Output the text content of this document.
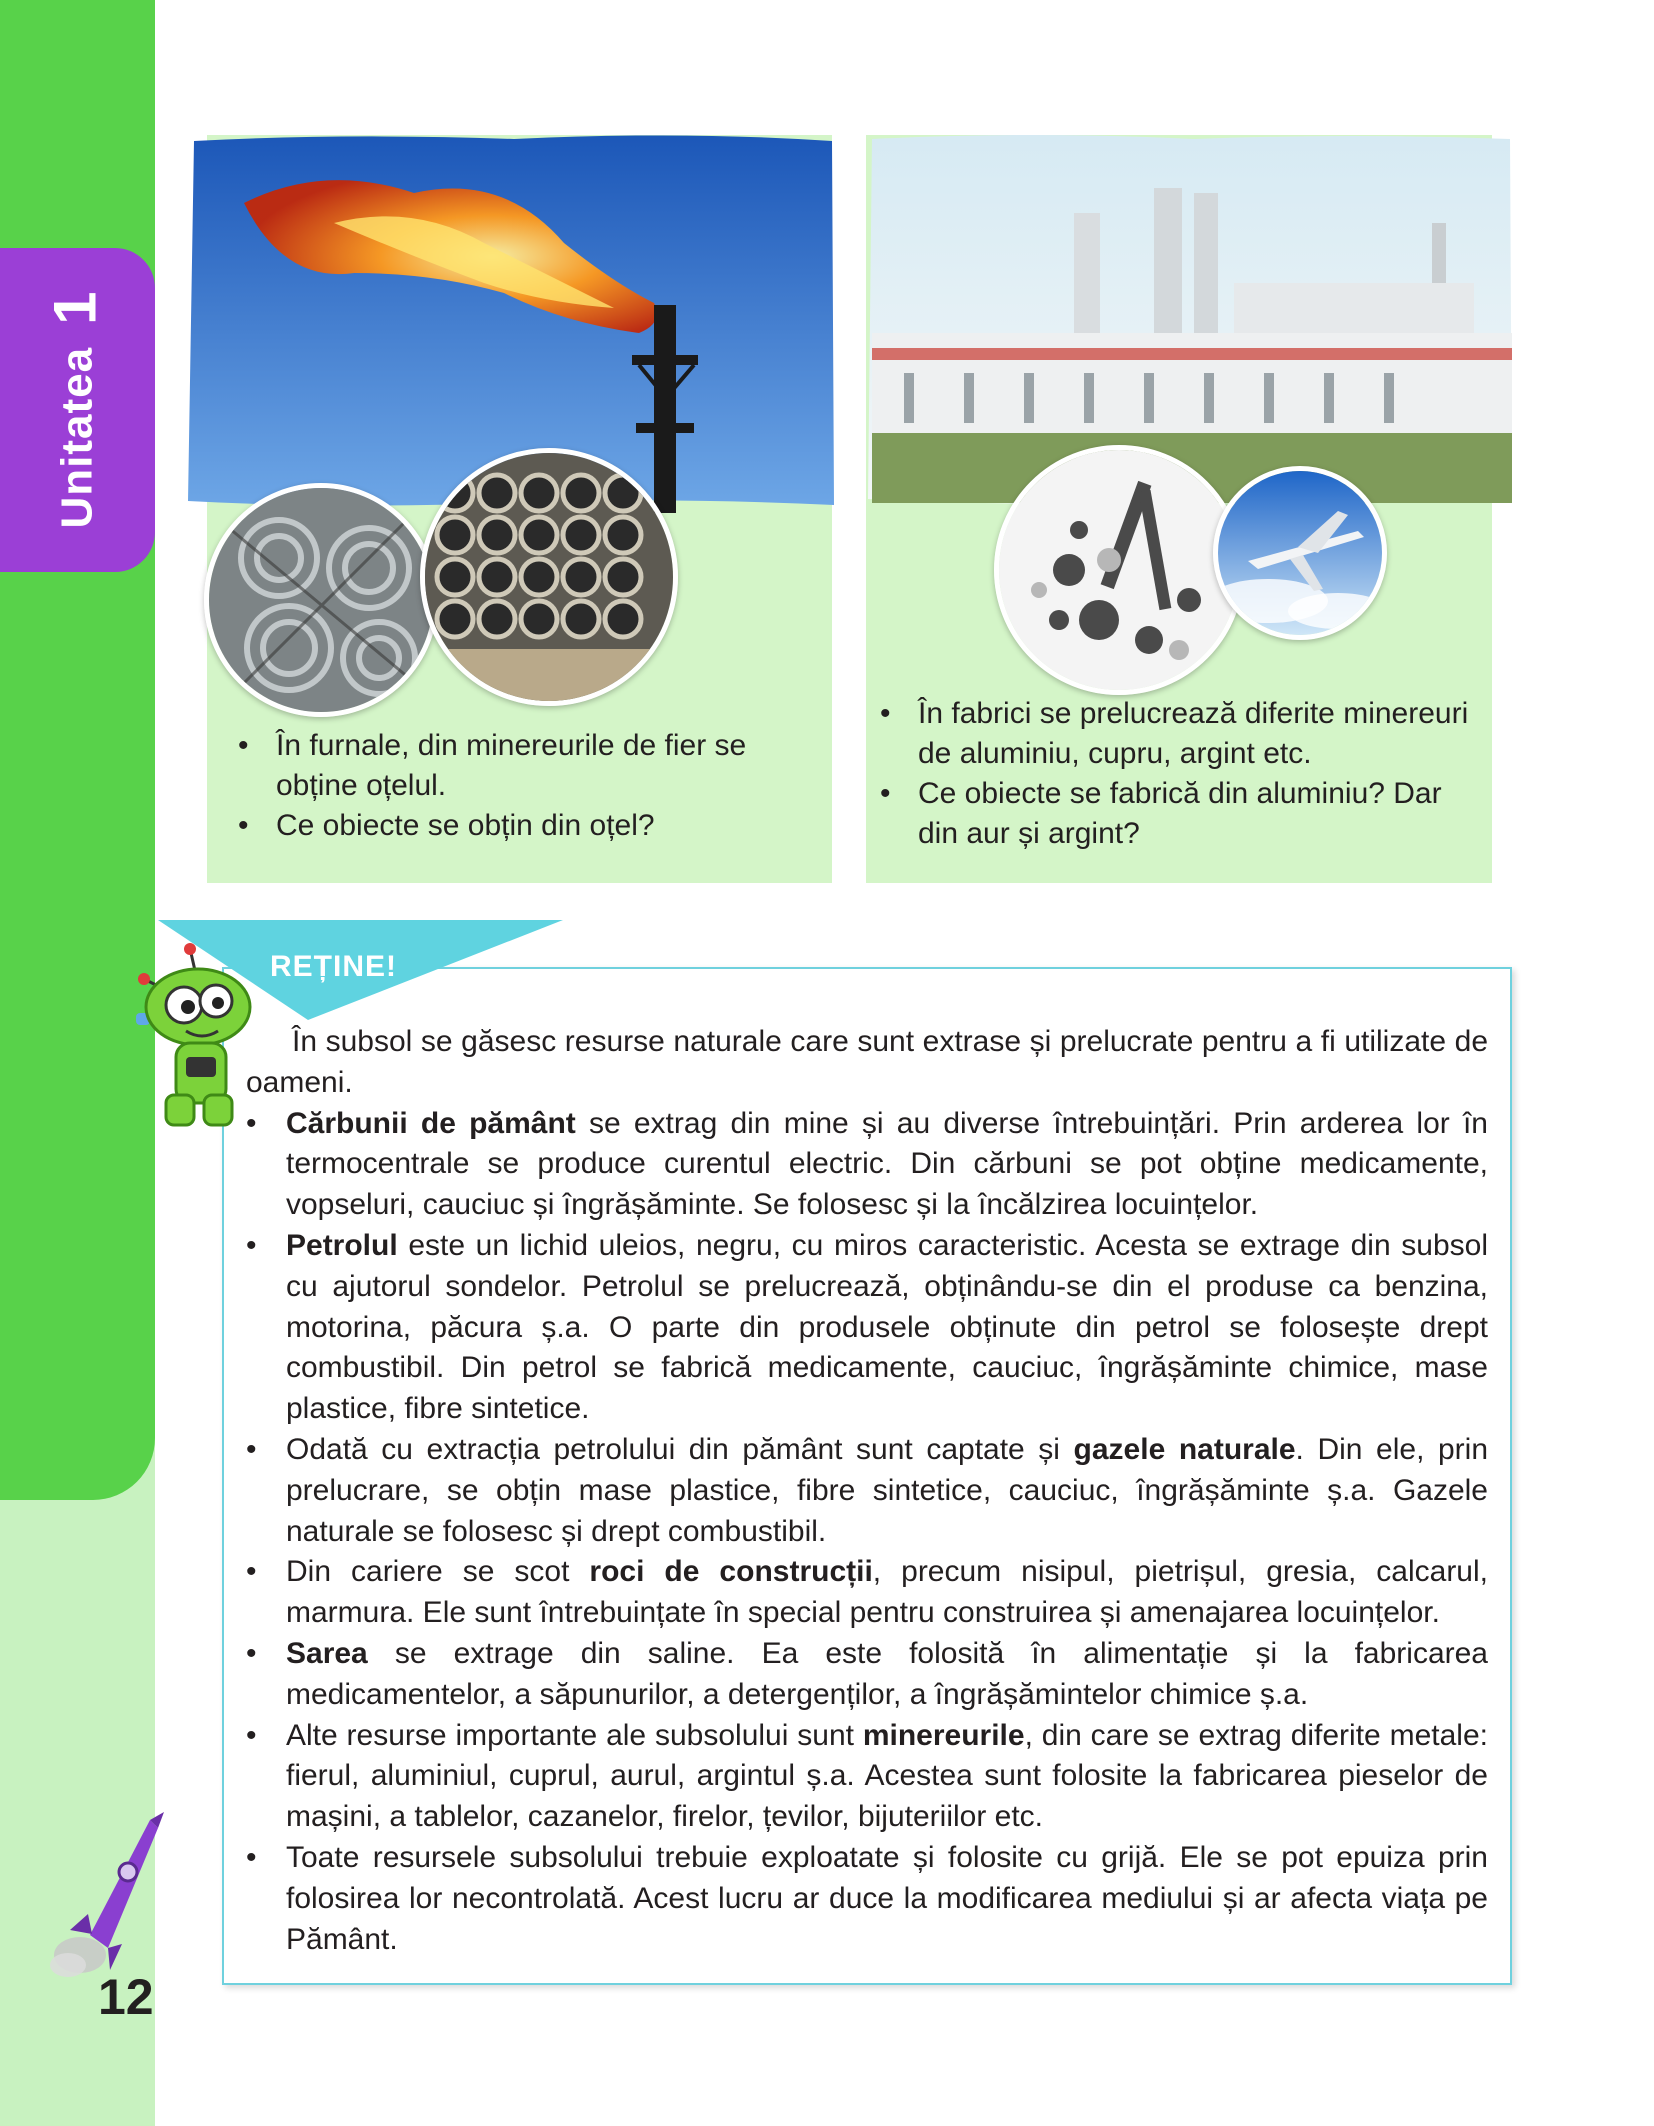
Unitatea1
12
• În furnale, din minereurile de fier se obține oțelul.
• Ce obiecte se obțin din oțel?
• În fabrici se prelucrează diferite minereuri de aluminiu, cupru, argint etc.
• Ce obiecte se fabrică din aluminiu? Dar din aur și argint?
REȚINE!

În subsol se găsesc resurse naturale care sunt extrase și prelucrate pentru a fi utilizate de oameni.

• Cărbunii de pământ se extrag din mine și au diverse întrebuințări. Prin arderea lor în termocentrale se produce curentul electric. Din cărbuni se pot obține medicamente, vopseluri, cauciuc și îngrășăminte. Se folosesc și la încălzirea locuințelor.
• Petrolul este un lichid uleios, negru, cu miros caracteristic. Acesta se extrage din subsol cu ajutorul sondelor. Petrolul se prelucrează, obținându-se din el produse ca benzina, motorina, păcura ș.a. O parte din produsele obținute din petrol se folosește drept combustibil. Din petrol se fabrică medicamente, cauciuc, îngrășăminte chimice, mase plastice, fibre sintetice.
• Odată cu extracția petrolului din pământ sunt captate și gazele naturale. Din ele, prin prelucrare, se obțin mase plastice, fibre sintetice, cauciuc, îngrășăminte ș.a. Gazele naturale se folosesc și drept combustibil.
• Din cariere se scot roci de construcții, precum nisipul, pietrișul, gresia, calcarul, marmura. Ele sunt întrebuințate în special pentru construirea și amenajarea locuințelor.
• Sarea se extrage din saline. Ea este folosită în alimentație și la fabricarea medicamentelor, a săpunurilor, a detergenților, a îngrășămintelor chimice ș.a.
• Alte resurse importante ale subsolului sunt minereurile, din care se extrag diferite metale: fierul, aluminiul, cuprul, aurul, argintul ș.a. Acestea sunt folosite la fabricarea pieselor de mașini, a tablelor, cazanelor, firelor, țevilor, bijuteriilor etc.
• Toate resursele subsolului trebuie exploatate și folosite cu grijă. Ele se pot epuiza prin folosirea lor necontrolată. Acest lucru ar duce la modificarea mediului și ar afecta viața pe Pământ.
